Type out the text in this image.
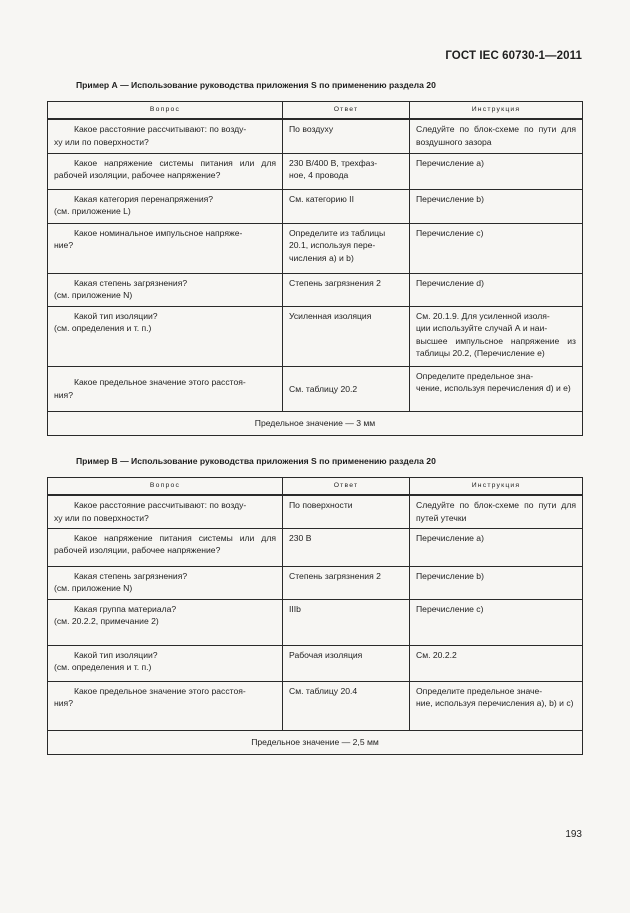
ГОСТ IEC 60730-1—2011
Пример А — Использование руководства приложения S по применению раздела 20
Вопрос	Ответ	Инструкция

Какое расстояние рассчитывают: по возду-
ху или по поверхности?	По воздуху	Следуйте по блок-схеме по пути для воздушного зазора

Какое напряжение системы питания или для рабочей изоляции, рабочее напряжение?	230 В/400 В, трехфаз-
ное, 4 провода	Перечисление а)

Какая категория перенапряжения?
(см. приложение L)	См. категорию II	Перечисление b)

Какое номинальное импульсное напряже-
ние?	Определите из таблицы 20.1, используя пере-
числения а) и b)	Перечисление с)

Какая степень загрязнения?
(см. приложение N)	Степень загрязнения 2	Перечисление d)

Какой тип изоляции?
(см. определения и т. п.)	Усиленная изоляция	См. 20.1.9. Для усиленной изоля-
ции используйте случай А и наи-
высшее импульсное напряжение из таблицы 20.2, (Перечисление е)

Какое предельное значение этого расстоя-
ния?	См. таблицу 20.2	Определите предельное зна-
чение, используя перечисления d) и е)
Предельное значение — 3 мм		
Пример В — Использование руководства приложения S по применению раздела 20
Вопрос	Ответ	Инструкция

Какое расстояние рассчитывают: по возду-
ху или по поверхности?	По поверхности	Следуйте по блок-схеме по пути для путей утечки

Какое напряжение питания системы или для рабочей изоляции, рабочее напряжение?	230 В	Перечисление а)

Какая степень загрязнения?
(см. приложение N)	Степень загрязнения 2	Перечисление b)

Какая группа материала?
(см. 20.2.2, примечание 2)	IIIb	Перечисление с)

Какой тип изоляции?
(см. определения и т. п.)	Рабочая изоляция	См. 20.2.2

Какое предельное значение этого расстоя-
ния?	См. таблицу 20.4	Определите предельное значе-
ние, используя перечисления а), b) и с)
Предельное значение — 2,5 мм		
193
